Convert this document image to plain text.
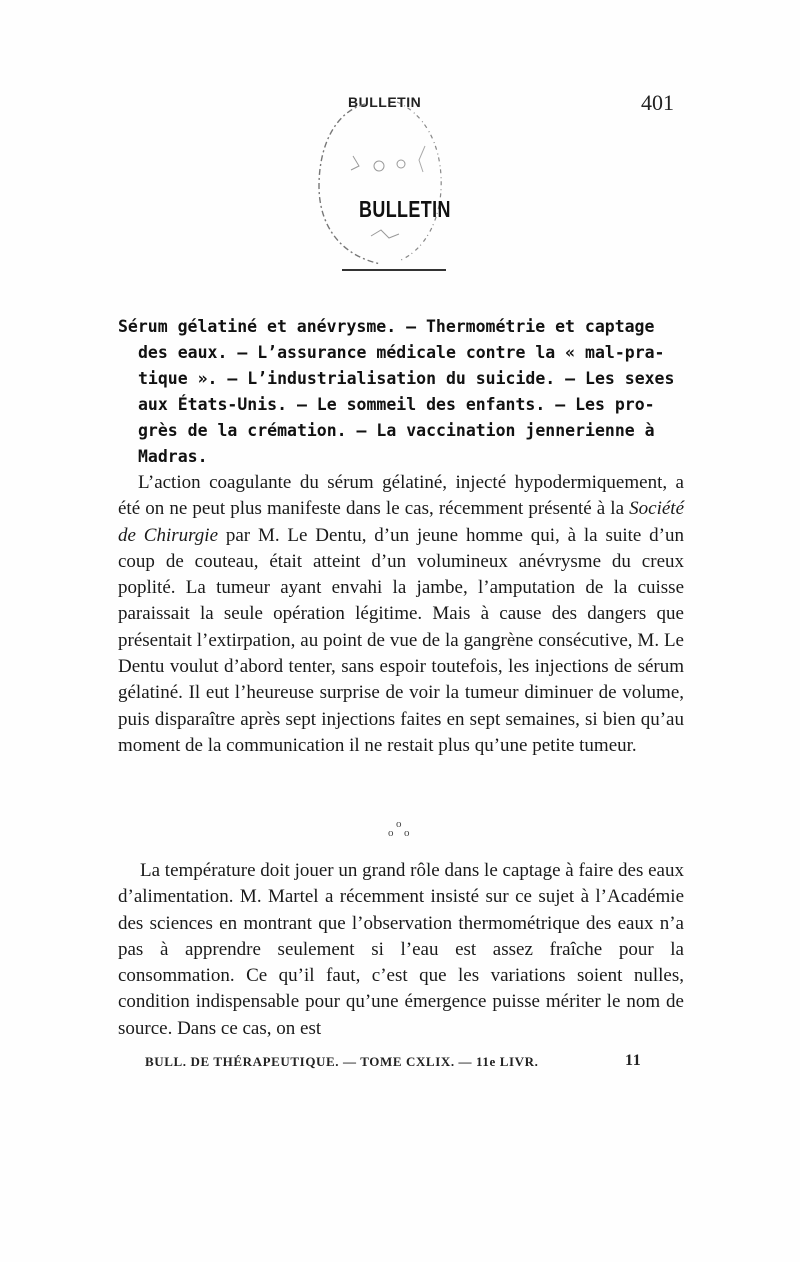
BULLETIN	401
BULLETIN
Sérum gélatiné et anévrysme. — Thermométrie et captage
des eaux. — L’assurance médicale contre la « mal-pra-
tique ». — L’industrialisation du suicide. — Les sexes
aux États-Unis. — Le sommeil des enfants. — Les pro-
grès de la crémation. — La vaccination jennerienne à
Madras.

L’action coagulante du sérum gélatiné, injecté hypodermiquement, a été on ne peut plus manifeste dans le cas, récemment présenté à la Société de Chirurgie par M. Le Dentu, d’un jeune homme qui, à la suite d’un coup de couteau, était atteint d’un volumineux anévrysme du creux poplité. La tumeur ayant envahi la jambe, l’amputation de la cuisse paraissait la seule opération légitime. Mais à cause des dangers que présentait l’extirpation, au point de vue de la gangrène consécutive, M. Le Dentu voulut d’abord tenter, sans espoir toutefois, les injections de sérum gélatiné. Il eut l’heureuse surprise de voir la tumeur diminuer de volume, puis disparaître après sept injections faites en sept semaines, si bien qu’au moment de la communication il ne restait plus qu’une petite tumeur.

o
o o

La température doit jouer un grand rôle dans le captage à faire des eaux d’alimentation. M. Martel a récemment insisté sur ce sujet à l’Académie des sciences en montrant que l’observation thermométrique des eaux n’a pas à apprendre seulement si l’eau est assez fraîche pour la consommation. Ce qu’il faut, c’est que les variations soient nulles, condition indispensable pour qu’une émergence puisse mériter le nom de source. Dans ce cas, on est

BULL. DE THÉRAPEUTIQUE. — TOME CXLIX. — 11e LIVR.	11
